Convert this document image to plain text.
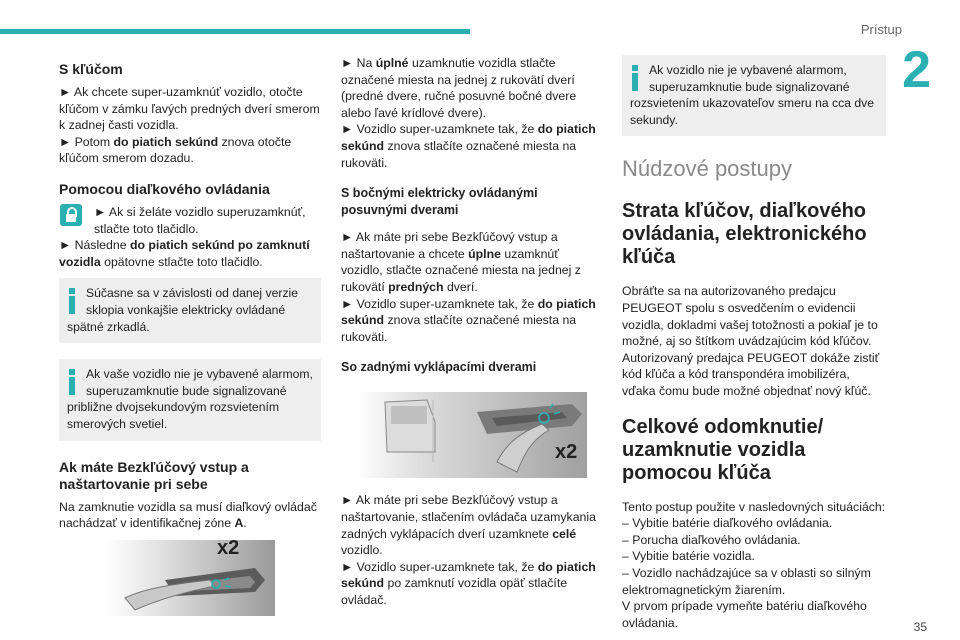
Prístup
2
S kľúčom

► Ak chcete super-uzamknúť vozidlo, otočte kľúčom v zámku ľavých predných dverí smerom k zadnej časti vozidla.
► Potom do piatich sekúnd znova otočte kľúčom smerom dozadu.

Pomocou diaľkového ovládania

► Ak si želáte vozidlo superuzamknúť, stlačte toto tlačidlo.

► Následne do piatich sekúnd po zamknutí vozidla opätovne stlačte toto tlačidlo.

Súčasne sa v závislosti od danej verzie sklopia vonkajšie elektricky ovládané spätné zrkadlá.
Ak vaše vozidlo nie je vybavené alarmom, superuzamknutie bude signalizované približne dvojsekundovým rozsvietením smerových svetiel.
Ak máte Bezkľúčový vstup a naštartovanie pri sebe

Na zamknutie vozidla sa musí diaľkový ovládač nachádzať v identifikačnej zóne A.

x2

► Na úplné uzamknutie vozidla stlačte označené miesta na jednej z rukovätí dverí (predné dvere, ručné posuvné bočné dvere alebo ľavé krídlové dvere).
► Vozidlo super-uzamknete tak, že do piatich sekúnd znova stlačíte označené miesta na rukoväti.

S bočnými elektricky ovládanými posuvnými dverami

► Ak máte pri sebe Bezkľúčový vstup a naštartovanie a chcete úplne uzamknúť vozidlo, stlačte označené miesta na jednej z rukovätí predných dverí.
► Vozidlo super-uzamknete tak, že do piatich sekúnd znova stlačíte označené miesta na rukoväti.

So zadnými vyklápacími dverami
x2

► Ak máte pri sebe Bezkľúčový vstup a naštartovanie, stlačením ovládača uzamykania zadných vyklápacích dverí uzamknete celé vozidlo.
► Vozidlo super-uzamknete tak, že do piatich sekúnd po zamknutí vozidla opäť stlačíte ovládač.

Ak vozidlo nie je vybavené alarmom, superuzamknutie bude signalizované rozsvietením ukazovateľov smeru na cca dve sekundy.
Núdzové postupy
Strata kľúčov, diaľkového ovládania, elektronického kľúča

Obráťte sa na autorizovaného predajcu PEUGEOT spolu s osvedčením o evidencii vozidla, dokladmi vašej totožnosti a pokiaľ je to možné, aj so štítkom uvádzajúcim kód kľúčov. Autorizovaný predajca PEUGEOT dokáže zistiť kód kľúča a kód transpondéra imobilizéra, vďaka čomu bude možné objednať nový kľúč.

Celkové odomknutie/ uzamknutie vozidla pomocou kľúča

Tento postup použite v nasledovných situáciách:
– Vybitie batérie diaľkového ovládania.
– Porucha diaľkového ovládania.
– Vybitie batérie vozidla.
– Vozidlo nachádzajúce sa v oblasti so silným elektromagnetickým žiarením.
V prvom prípade vymeňte batériu diaľkového ovládania.	35
